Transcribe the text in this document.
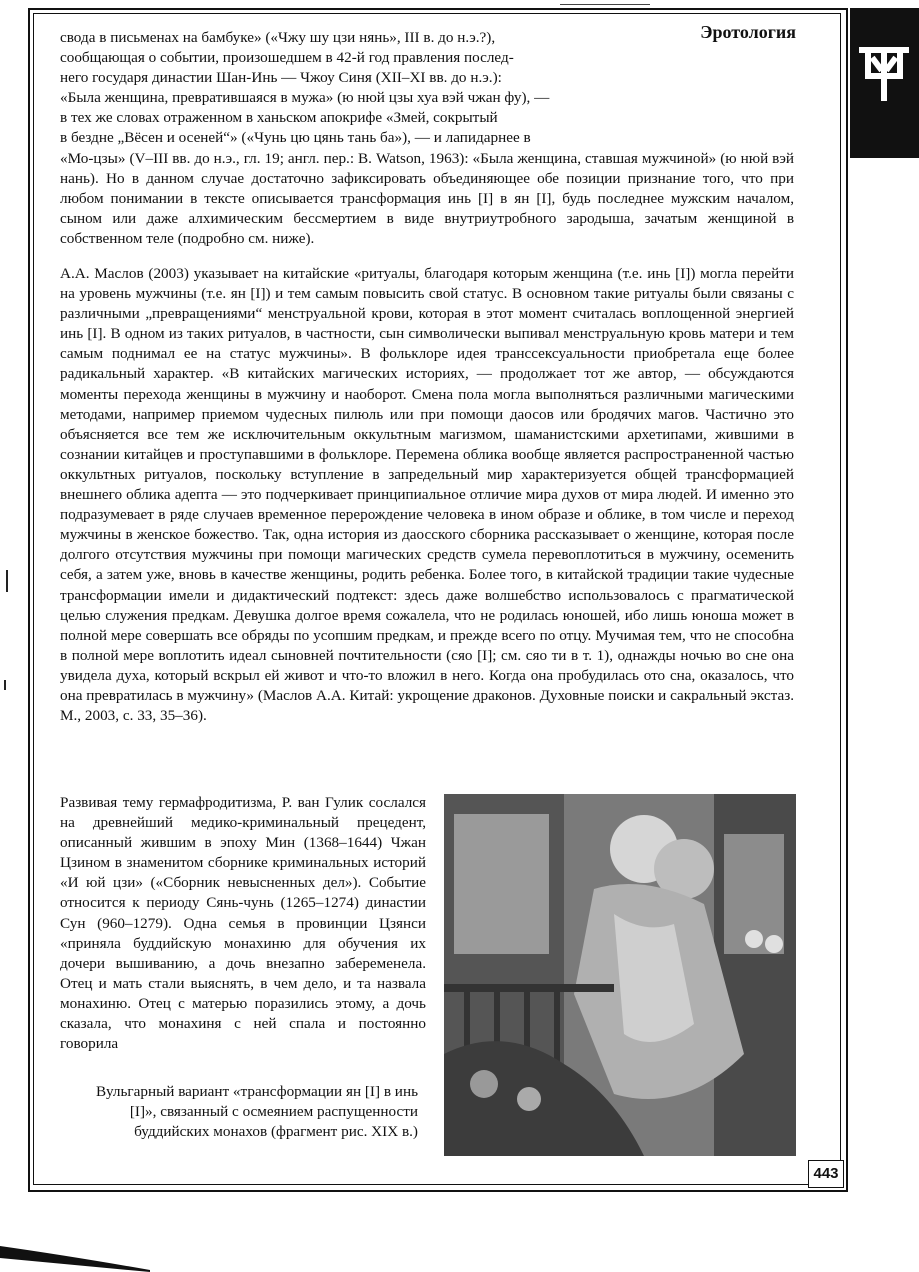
Эротология
свода в письменах на бамбуке» («Чжу шу цзи нянь», III в. до н.э.?),
сообщающая о событии, произошедшем в 42-й год правления послед-
него государя династии Шан-Инь — Чжоу Синя (XII–XI вв. до н.э.):
«Была женщина, превратившаяся в мужа» (ю нюй цзы хуа вэй чжан фу), —
в тех же словах отраженном в ханьском апокрифе «Змей, сокрытый
в бездне „Вёсен и осеней“» («Чунь цю цянь тань ба»), — и лапидарнее в
«Мо-цзы» (V–III вв. до н.э., гл. 19; англ. пер.: В. Watson, 1963): «Была женщина, ставшая мужчиной» (ю нюй вэй нань). Но в данном случае достаточно зафиксировать объединяющее обе позиции признание того, что при любом понимании в тексте описывается трансформация инь [I] в ян [I], будь последнее мужским началом, сыном или даже алхимическим бессмертием в виде внутриутробного зародыша, зачатым женщиной в собственном теле (подробно см. ниже).

А.А. Маслов (2003) указывает на китайские «ритуалы, благодаря которым женщина (т.е. инь [I]) могла перейти на уровень мужчины (т.е. ян [I]) и тем самым повысить свой статус. В основном такие ритуалы были связаны с различными „превращениями“ менструальной крови, которая в этот момент считалась воплощенной энергией инь [I]. В одном из таких ритуалов, в частности, сын символически выпивал менструальную кровь матери и тем самым поднимал ее на статус мужчины». В фольклоре идея транссексуальности приобретала еще более радикальный характер. «В китайских магических историях, — продолжает тот же автор, — обсуждаются моменты перехода женщины в мужчину и наоборот. Смена пола могла выполняться различными магическими методами, например приемом чудесных пилюль или при помощи даосов или бродячих магов. Частично это объясняется все тем же исключительным оккультным магизмом, шаманистскими архетипами, жившими в сознании китайцев и проступавшими в фольклоре. Перемена облика вообще является распространенной частью оккультных ритуалов, поскольку вступление в запредельный мир характеризуется общей трансформацией внешнего облика адепта — это подчеркивает принципиальное отличие мира духов от мира людей. И именно это подразумевает в ряде случаев временное перерождение человека в ином образе и облике, в том числе и переход мужчины в женское божество. Так, одна история из даосского сборника рассказывает о женщине, которая после долгого отсутствия мужчины при помощи магических средств сумела перевоплотиться в мужчину, осеменить себя, а затем уже, вновь в качестве женщины, родить ребенка. Более того, в китайской традиции такие чудесные трансформации имели и дидактический подтекст: здесь даже волшебство использовалось с прагматической целью служения предкам. Девушка долгое время сожалела, что не родилась юношей, ибо лишь юноша может в полной мере совершать все обряды по усопшим предкам, и прежде всего по отцу. Мучимая тем, что не способна в полной мере воплотить идеал сыновней почтительности (сяо [I]; см. сяо ти в т. 1), однажды ночью во сне она увидела духа, который вскрыл ей живот и что-то вложил в него. Когда она пробудилась ото сна, оказалось, что она превратилась в мужчину» (Маслов А.А. Китай: укрощение драконов. Духовные поиски и сакральный экстаз. М., 2003, с. 33, 35–36).

Развивая тему гермафродитизма, Р. ван Гулик сослался на древнейший медико-криминальный прецедент, описанный жившим в эпоху Мин (1368–1644) Чжан Цзином в знаменитом сборнике криминальных историй «И юй цзи» («Сборник невысненных дел»). Событие относится к периоду Сянь-чунь (1265–1274) династии Сун (960–1279). Одна семья в провинции Цзянси «приняла буддийскую монахиню для обучения их дочери вышиванию, а дочь внезапно забеременела. Отец и мать стали выяснять, в чем дело, и та назвала монахиню. Отец с матерью поразились этому, а дочь сказала, что монахиня с ней спала и постоянно говорила

Вульгарный вариант «трансформации ян [I] в инь [I]», связанный с осмеянием распущенности буддийских монахов (фрагмент рис. XIX в.)
443
